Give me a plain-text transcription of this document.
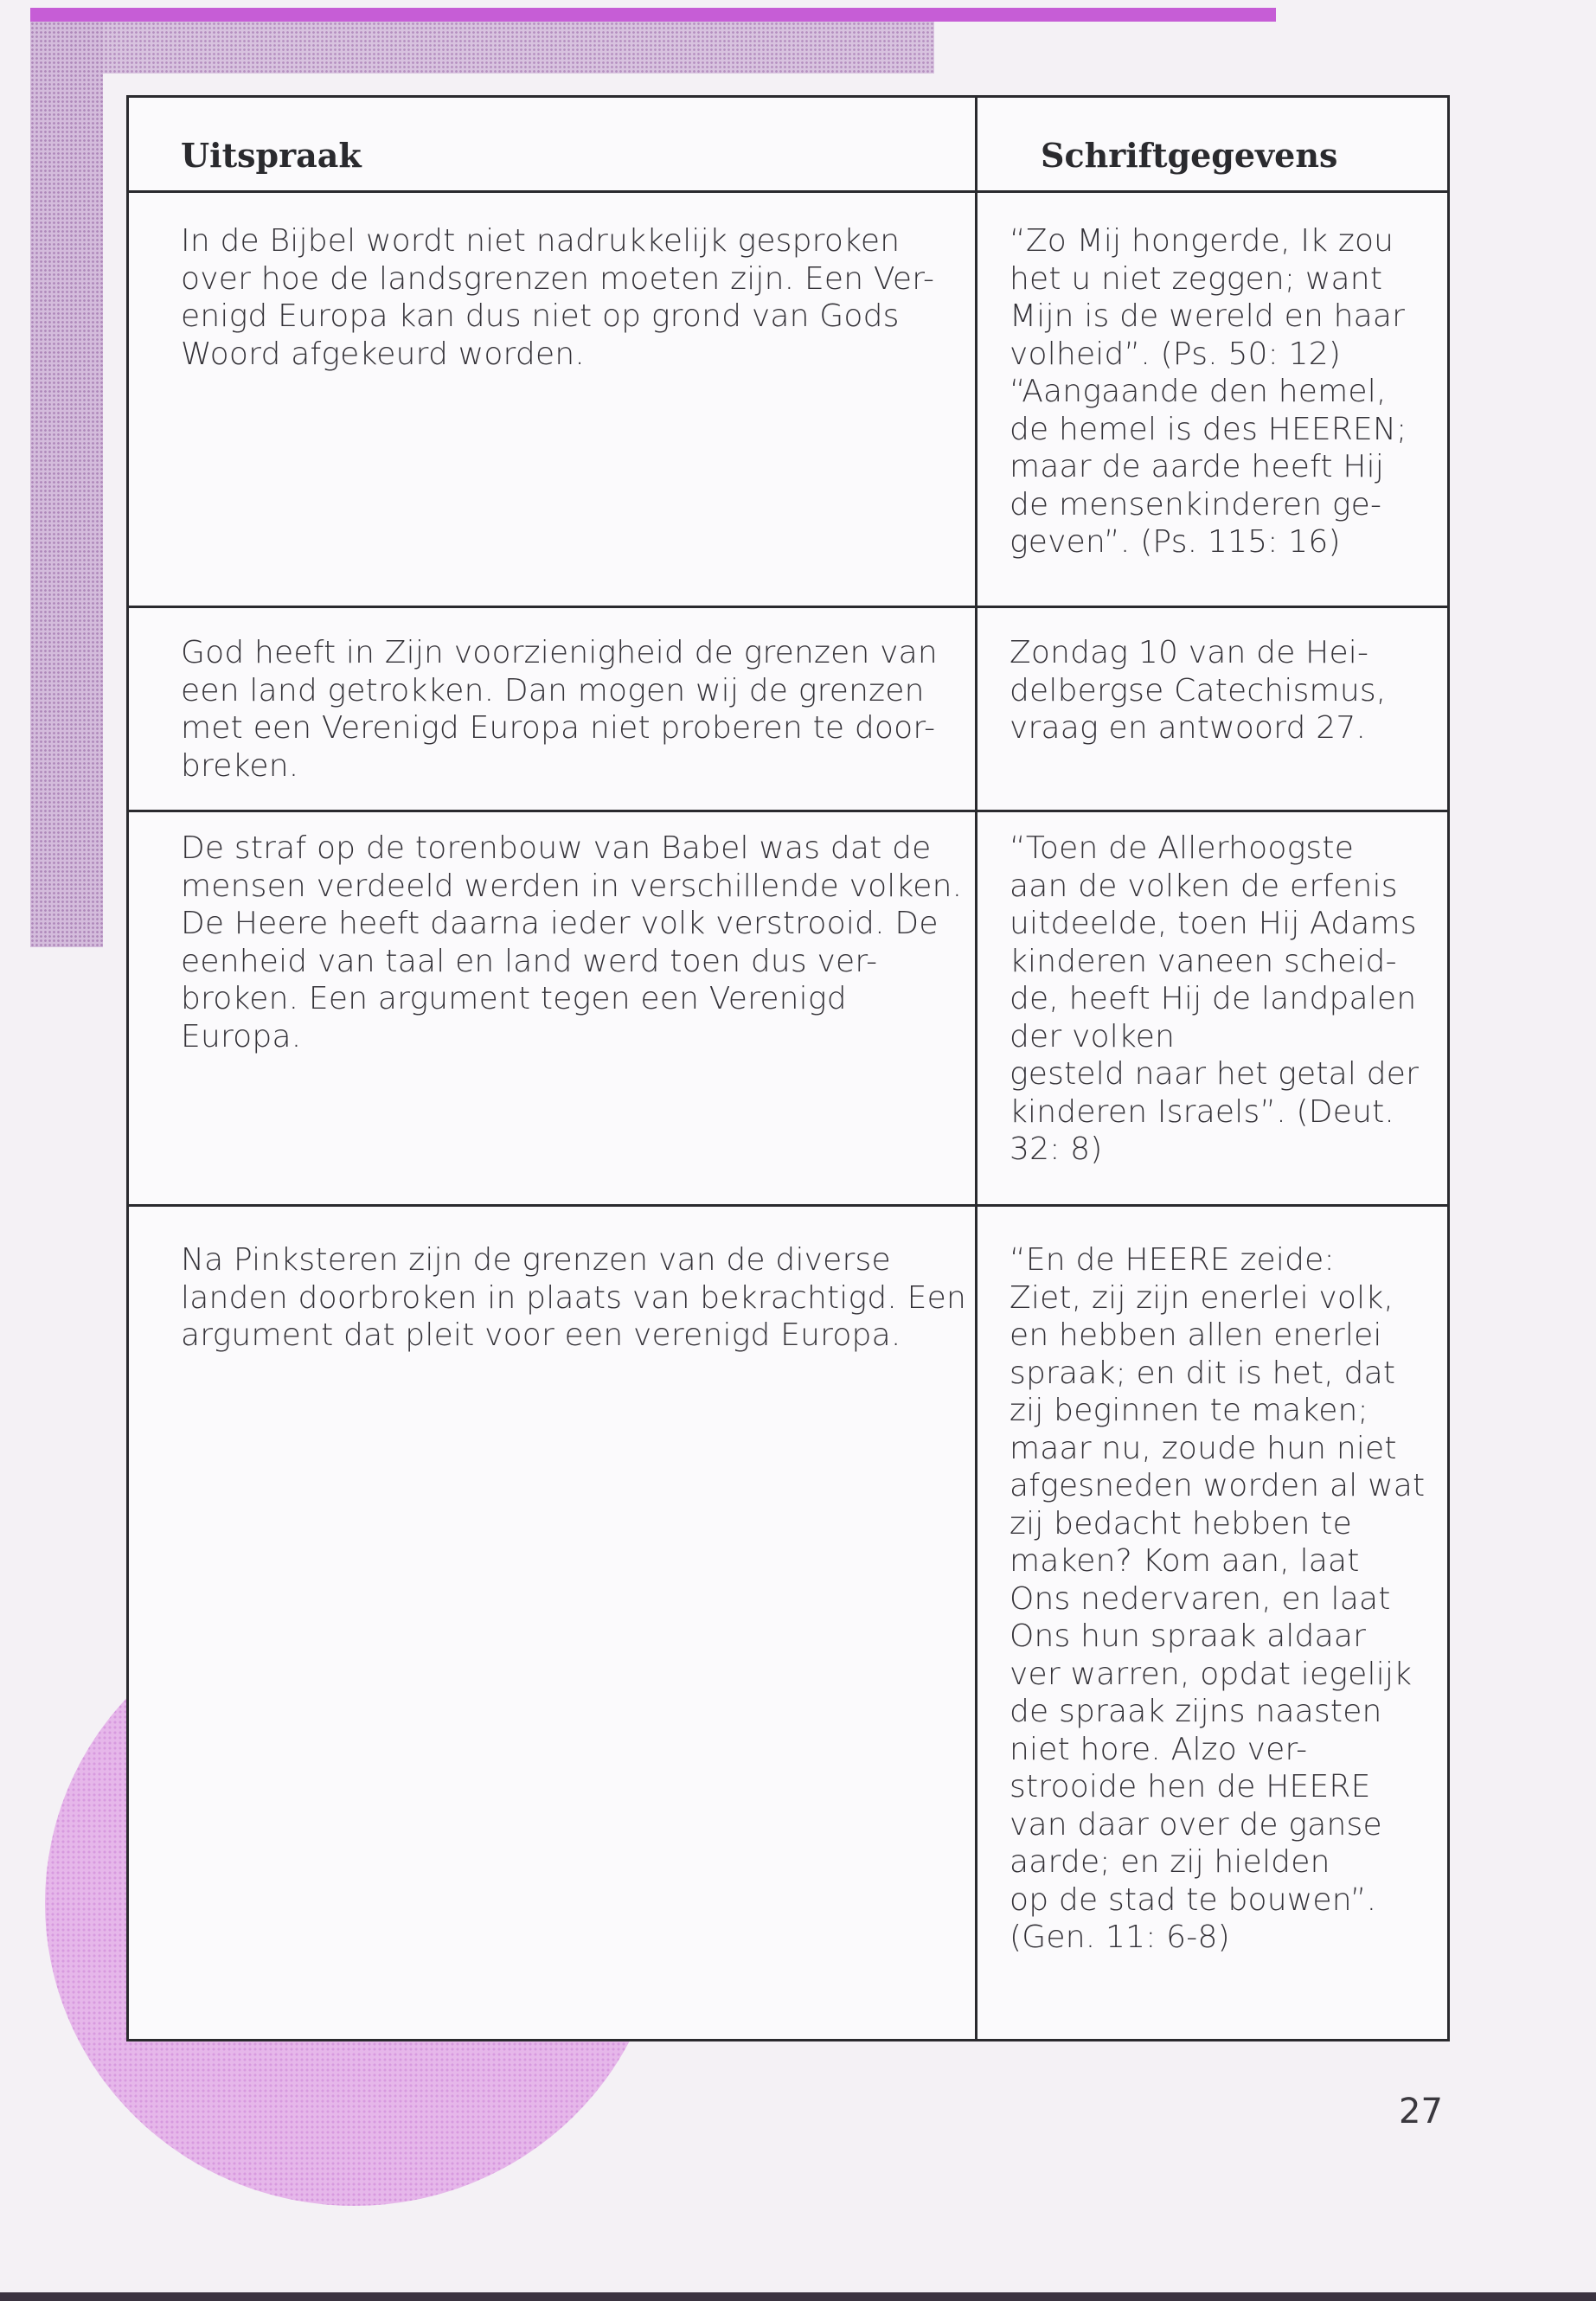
Uitspraak	Schriftgegevens
In de Bijbel wordt niet nadrukkelijk gesproken
over hoe de landsgrenzen moeten zijn. Een Ver-
enigd Europa kan dus niet op grond van Gods
Woord afgekeurd worden.
“Zo Mij hongerde, Ik zou
het u niet zeggen; want
Mijn is de wereld en haar
volheid”. (Ps. 50: 12)
“Aangaande den hemel,
de hemel is des HEEREN;
maar de aarde heeft Hij
de mensenkinderen ge-
geven”. (Ps. 115: 16)
God heeft in Zijn voorzienigheid de grenzen van
een land getrokken. Dan mogen wij de grenzen
met een Verenigd Europa niet proberen te door-
breken.
Zondag 10 van de Hei-
delbergse Catechismus,
vraag en antwoord 27.
De straf op de torenbouw van Babel was dat de
mensen verdeeld werden in verschillende volken.
De Heere heeft daarna ieder volk verstrooid. De
eenheid van taal en land werd toen dus ver-
broken. Een argument tegen een Verenigd
Europa.
“Toen de Allerhoogste
aan de volken de erfenis
uitdeelde, toen Hij Adams
kinderen vaneen scheid-
de, heeft Hij de landpalen
der volken
gesteld naar het getal der
kinderen Israels”. (Deut.
32: 8)
Na Pinksteren zijn de grenzen van de diverse
landen doorbroken in plaats van bekrachtigd. Een
argument dat pleit voor een verenigd Europa.
“En de HEERE zeide:
Ziet, zij zijn enerlei volk,
en hebben allen enerlei
spraak; en dit is het, dat
zij beginnen te maken;
maar nu, zoude hun niet
afgesneden worden al wat
zij bedacht hebben te
maken? Kom aan, laat
Ons nedervaren, en laat
Ons hun spraak aldaar
ver warren, opdat iegelijk
de spraak zijns naasten
niet hore. Alzo ver-
strooide hen de HEERE
van daar over de ganse
aarde; en zij hielden
op de stad te bouwen”.
(Gen. 11: 6-8)
27
